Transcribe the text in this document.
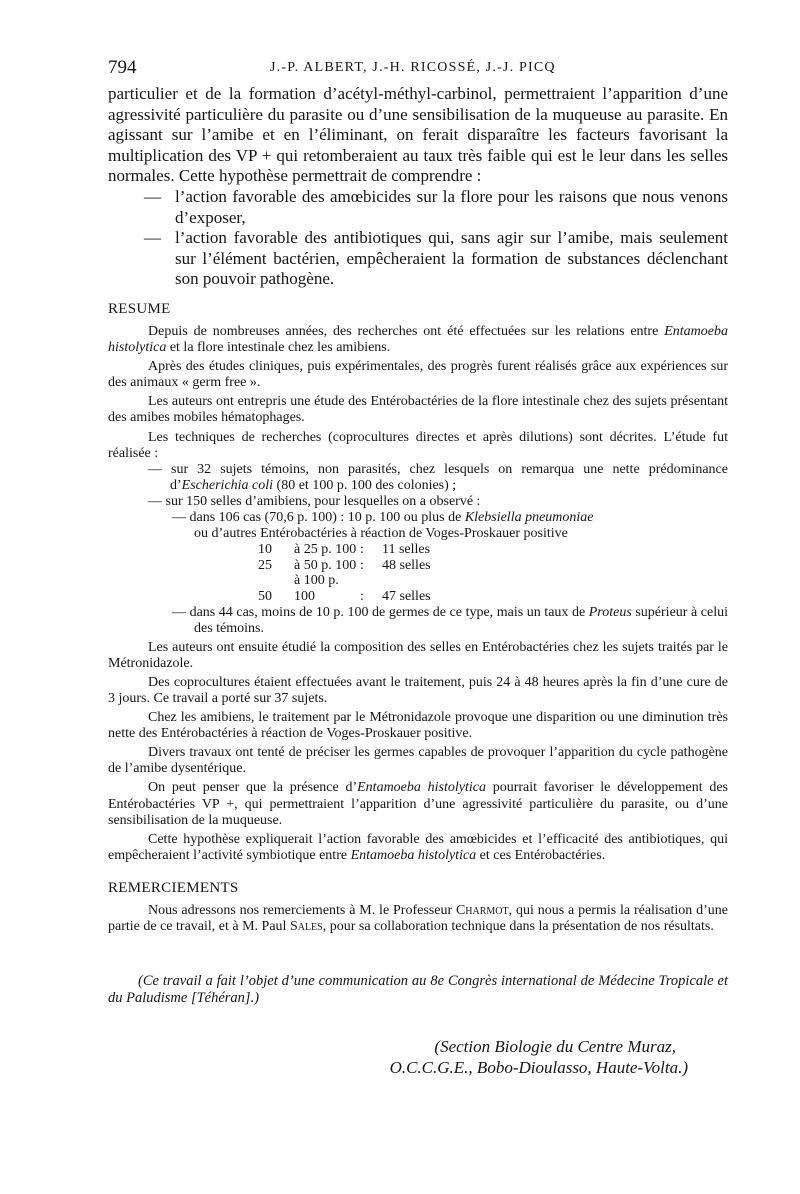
794	J.-P. ALBERT, J.-H. RICOSSÉ, J.-J. PICQ

particulier et de la formation d’acétyl-méthyl-carbinol, permettraient l’apparition d’une agressivité particulière du parasite ou d’une sensibilisation de la muqueuse au parasite. En agissant sur l’amibe et en l’éliminant, on ferait disparaître les facteurs favorisant la multiplication des VP + qui retomberaient au taux très faible qui est le leur dans les selles normales. Cette hypothèse permettrait de comprendre :

— l’action favorable des amœbicides sur la flore pour les raisons que nous venons d’exposer,
— l’action favorable des antibiotiques qui, sans agir sur l’amibe, mais seulement sur l’élément bactérien, empêcheraient la formation de substances déclenchant son pouvoir pathogène.
RESUME

Depuis de nombreuses années, des recherches ont été effectuées sur les relations entre Entamoeba histolytica et la flore intestinale chez les amibiens.

Après des études cliniques, puis expérimentales, des progrès furent réalisés grâce aux expériences sur des animaux « germ free ».

Les auteurs ont entrepris une étude des Entérobactéries de la flore intestinale chez des sujets présentant des amibes mobiles hématophages.

Les techniques de recherches (coprocultures directes et après dilutions) sont décrites. L’étude fut réalisée :

— sur 32 sujets témoins, non parasités, chez lesquels on remarqua une nette prédominance d’Escherichia coli (80 et 100 p. 100 des colonies) ;

— sur 150 selles d’amibiens, pour lesquelles on a observé :

— dans 106 cas (70,6 p. 100) : 10 p. 100 ou plus de Klebsiella pneumoniae

ou d’autres Entérobactéries à réaction de Voges-Proskauer positive

10 à 25 p. 100 : 11 selles
25 à 50 p. 100 : 48 selles
50à 100 p. 100	: 47 selles

— dans 44 cas, moins de 10 p. 100 de germes de ce type, mais un taux de Proteus supérieur à celui des témoins.

Les auteurs ont ensuite étudié la composition des selles en Entérobactéries chez les sujets traités par le Métronidazole.

Des coprocultures étaient effectuées avant le traitement, puis 24 à 48 heures après la fin d’une cure de 3 jours. Ce travail a porté sur 37 sujets.

Chez les amibiens, le traitement par le Métronidazole provoque une disparition ou une diminution très nette des Entérobactéries à réaction de Voges-Proskauer positive.

Divers travaux ont tenté de préciser les germes capables de provoquer l’apparition du cycle pathogène de l’amibe dysentérique.

On peut penser que la présence d’Entamoeba histolytica pourrait favoriser le développement des Entérobactéries VP +, qui permettraient l’apparition d’une agressivité particulière du parasite, ou d’une sensibilisation de la muqueuse.

Cette hypothèse expliquerait l’action favorable des amœbicides et l’efficacité des antibiotiques, qui empêcheraient l’activité symbiotique entre Entamoeba histolytica et ces Entérobactéries.

REMERCIEMENTS

Nous adressons nos remerciements à M. le Professeur Charmot, qui nous a permis la réalisation d’une partie de ce travail, et à M. Paul Sales, pour sa collaboration technique dans la présentation de nos résultats.

(Ce travail a fait l’objet d’une communication au 8e Congrès international de Médecine Tropicale et du Paludisme [Téhéran].)

(Section Biologie du Centre Muraz,
O.C.C.G.E., Bobo-Dioulasso, Haute-Volta.)
